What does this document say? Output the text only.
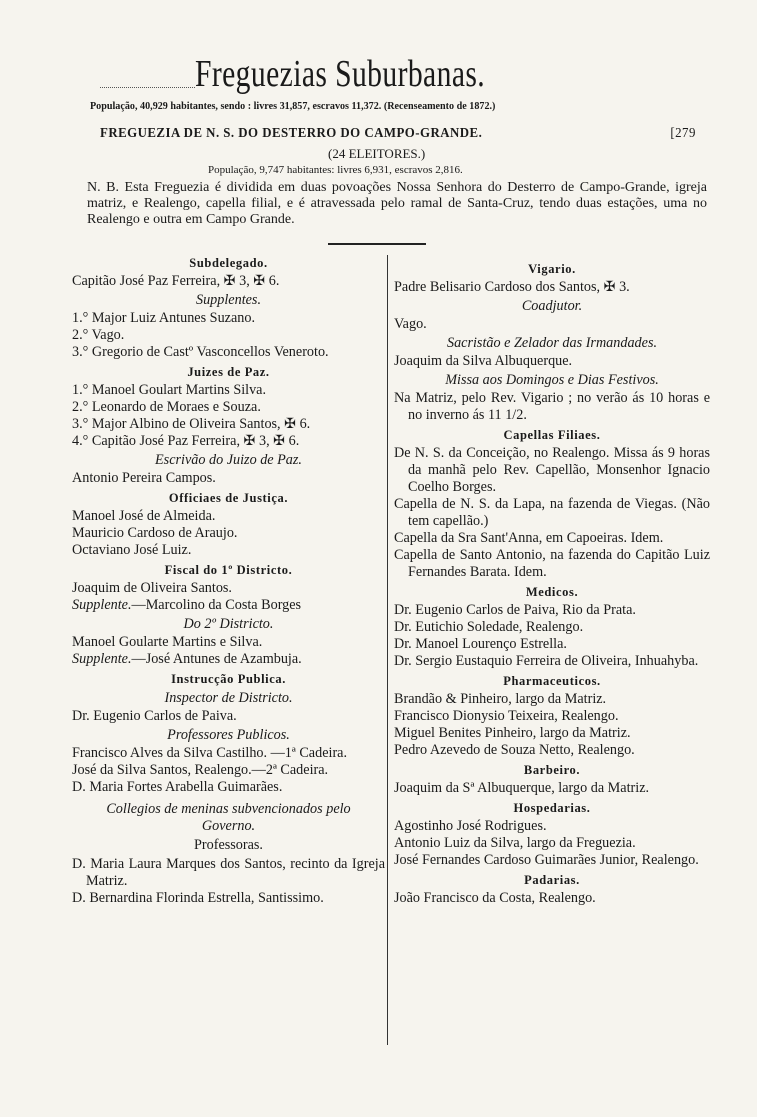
Freguezias Suburbanas.
População, 40,929 habitantes, sendo : livres 31,857, escravos 11,372. (Recenseamento de 1872.)
FREGUEZIA DE N. S. DO DESTERRO DO CAMPO-GRANDE.	[279
(24 ELEITORES.)
População, 9,747 habitantes: livres 6,931, escravos 2,816.
N. B. Esta Freguezia é dividida em duas povoações Nossa Senhora do Desterro de Campo-Grande, igreja matriz, e Realengo, capella filial, e é atravessada pelo ramal de Santa-Cruz, tendo duas estações, uma no Realengo e outra em Campo Grande.
Subdelegado.
Capitão José Paz Ferreira, ✠ 3, ✠ 6.
Supplentes.
1.° Major Luiz Antunes Suzano.
2.° Vago.
3.° Gregorio de Castº Vasconcellos Veneroto.
Juizes de Paz.
1.° Manoel Goulart Martins Silva.
2.° Leonardo de Moraes e Souza.
3.° Major Albino de Oliveira Santos, ✠ 6.
4.° Capitão José Paz Ferreira, ✠ 3, ✠ 6.
Escrivão do Juizo de Paz.
Antonio Pereira Campos.
Officiaes de Justiça.
Manoel José de Almeida.
Mauricio Cardoso de Araujo.
Octaviano José Luiz.
Fiscal do 1º Districto.
Joaquim de Oliveira Santos.
Supplente.—Marcolino da Costa Borges
Do 2º Districto.
Manoel Goularte Martins e Silva.
Supplente.—José Antunes de Azambuja.
Instrucção Publica.
Inspector de Districto.
Dr. Eugenio Carlos de Paiva.
Professores Publicos.
Francisco Alves da Silva Castilho. —1ª Cadeira.
José da Silva Santos, Realengo.—2ª Cadeira.
D. Maria Fortes Arabella Guimarães.
Collegios de meninas subvencionados pelo Governo.
Professoras.
D. Maria Laura Marques dos Santos, recinto da Igreja Matriz.
D. Bernardina Florinda Estrella, Santissimo.
Vigario.
Padre Belisario Cardoso dos Santos, ✠ 3.
Coadjutor.
Vago.
Sacristão e Zelador das Irmandades.
Joaquim da Silva Albuquerque.
Missa aos Domingos e Dias Festivos.
Na Matriz, pelo Rev. Vigario ; no verão ás 10 horas e no inverno ás 11 1/2.
Capellas Filiaes.
De N. S. da Conceição, no Realengo. Missa ás 9 horas da manhã pelo Rev. Capellão, Monsenhor Ignacio Coelho Borges.
Capella de N. S. da Lapa, na fazenda de Viegas. (Não tem capellão.)
Capella da Sra Sant'Anna, em Capoeiras. Idem.
Capella de Santo Antonio, na fazenda do Capitão Luiz Fernandes Barata. Idem.
Medicos.
Dr. Eugenio Carlos de Paiva, Rio da Prata.
Dr. Eutichio Soledade, Realengo.
Dr. Manoel Lourenço Estrella.
Dr. Sergio Eustaquio Ferreira de Oliveira, Inhuahyba.
Pharmaceuticos.
Brandão & Pinheiro, largo da Matriz.
Francisco Dionysio Teixeira, Realengo.
Miguel Benites Pinheiro, largo da Matriz.
Pedro Azevedo de Souza Netto, Realengo.
Barbeiro.
Joaquim da Sª Albuquerque, largo da Matriz.
Hospedarias.
Agostinho José Rodrigues.
Antonio Luiz da Silva, largo da Freguezia.
José Fernandes Cardoso Guimarães Junior, Realengo.
Padarias.
João Francisco da Costa, Realengo.
